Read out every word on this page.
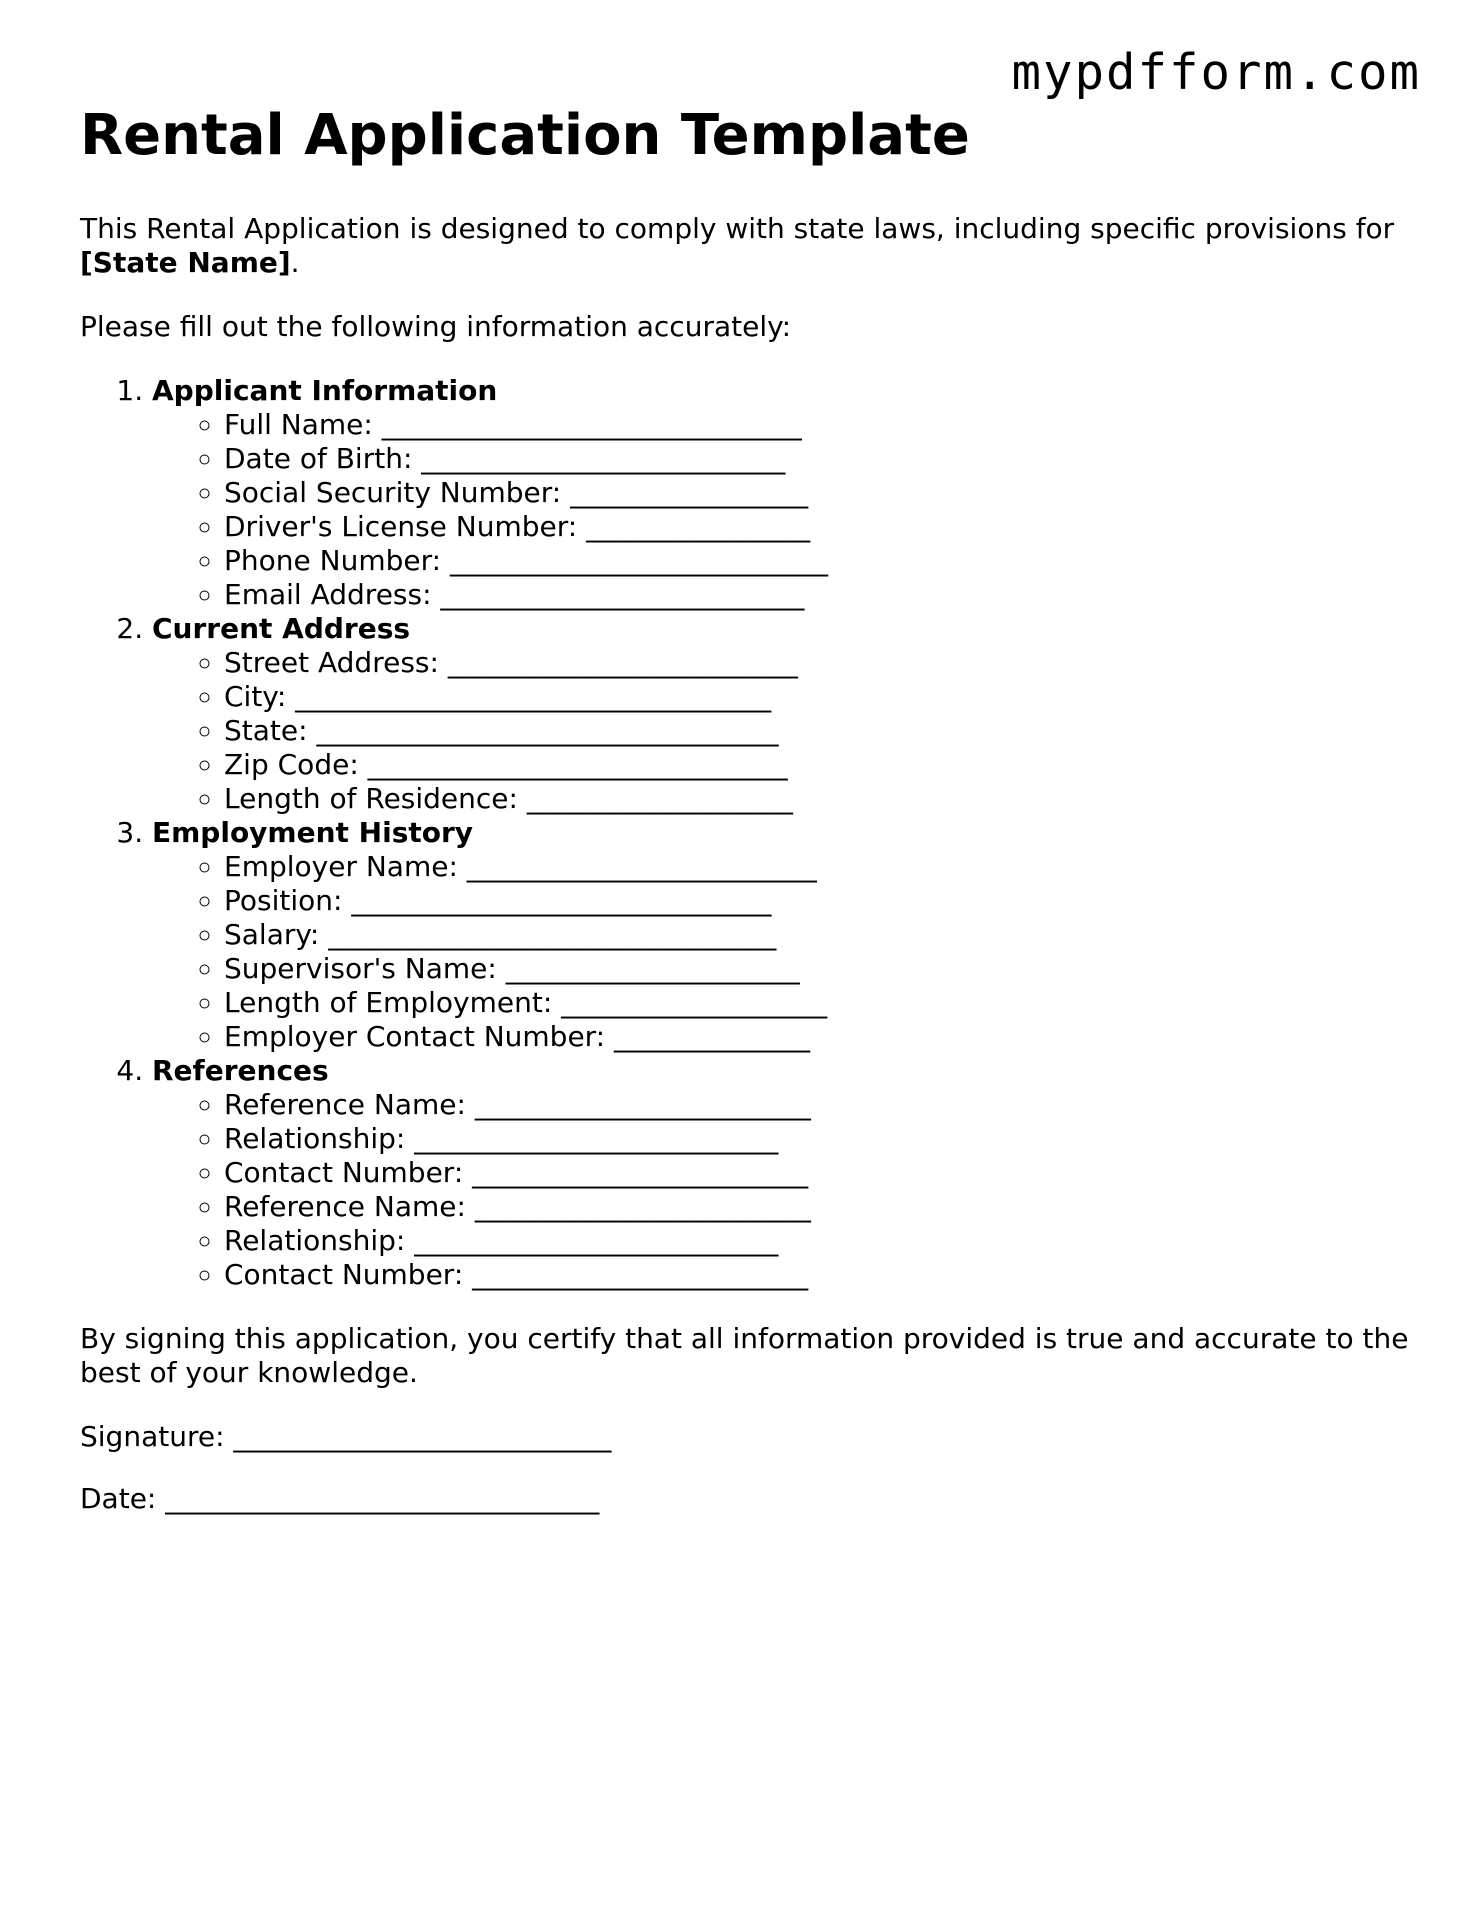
mypdfform.com
Rental Application Template

This Rental Application is designed to comply with state laws, including specific provisions for [State Name].

Please fill out the following information accurately:

1. Applicant Information
◦ Full Name: ______________________________
◦ Date of Birth: __________________________
◦ Social Security Number: _________________
◦ Driver's License Number: ________________
◦ Phone Number: ___________________________
◦ Email Address: __________________________
2. Current Address
◦ Street Address: _________________________
◦ City: __________________________________
◦ State: _________________________________
◦ Zip Code: ______________________________
◦ Length of Residence: ___________________
3. Employment History
◦ Employer Name: _________________________
◦ Position: ______________________________
◦ Salary: ________________________________
◦ Supervisor's Name: _____________________
◦ Length of Employment: ___________________
◦ Employer Contact Number: ______________
4. References
◦ Reference Name: ________________________
◦ Relationship: __________________________
◦ Contact Number: ________________________
◦ Reference Name: ________________________
◦ Relationship: __________________________
◦ Contact Number: ________________________

By signing this application, you certify that all information provided is true and accurate to the best of your knowledge.

Signature: ___________________________

Date: _______________________________
